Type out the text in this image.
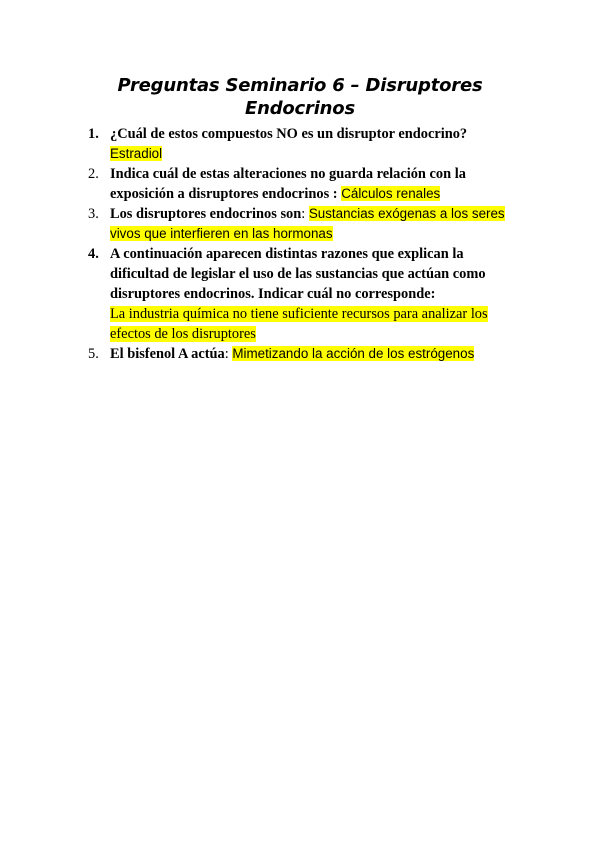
Preguntas Seminario 6 – Disruptores Endocrinos
1. ¿Cuál de estos compuestos NO es un disruptor endocrino?
Estradiol
2. Indica cuál de estas alteraciones no guarda relación con la exposición a disruptores endocrinos : Cálculos renales
3. Los disruptores endocrinos son: Sustancias exógenas a los seres vivos que interfieren en las hormonas
4. A continuación aparecen distintas razones que explican la dificultad de legislar el uso de las sustancias que actúan como disruptores endocrinos. Indicar cuál no corresponde:
La industria química no tiene suficiente recursos para analizar los efectos de los disruptores
5. El bisfenol A actúa: Mimetizando la acción de los estrógenos
